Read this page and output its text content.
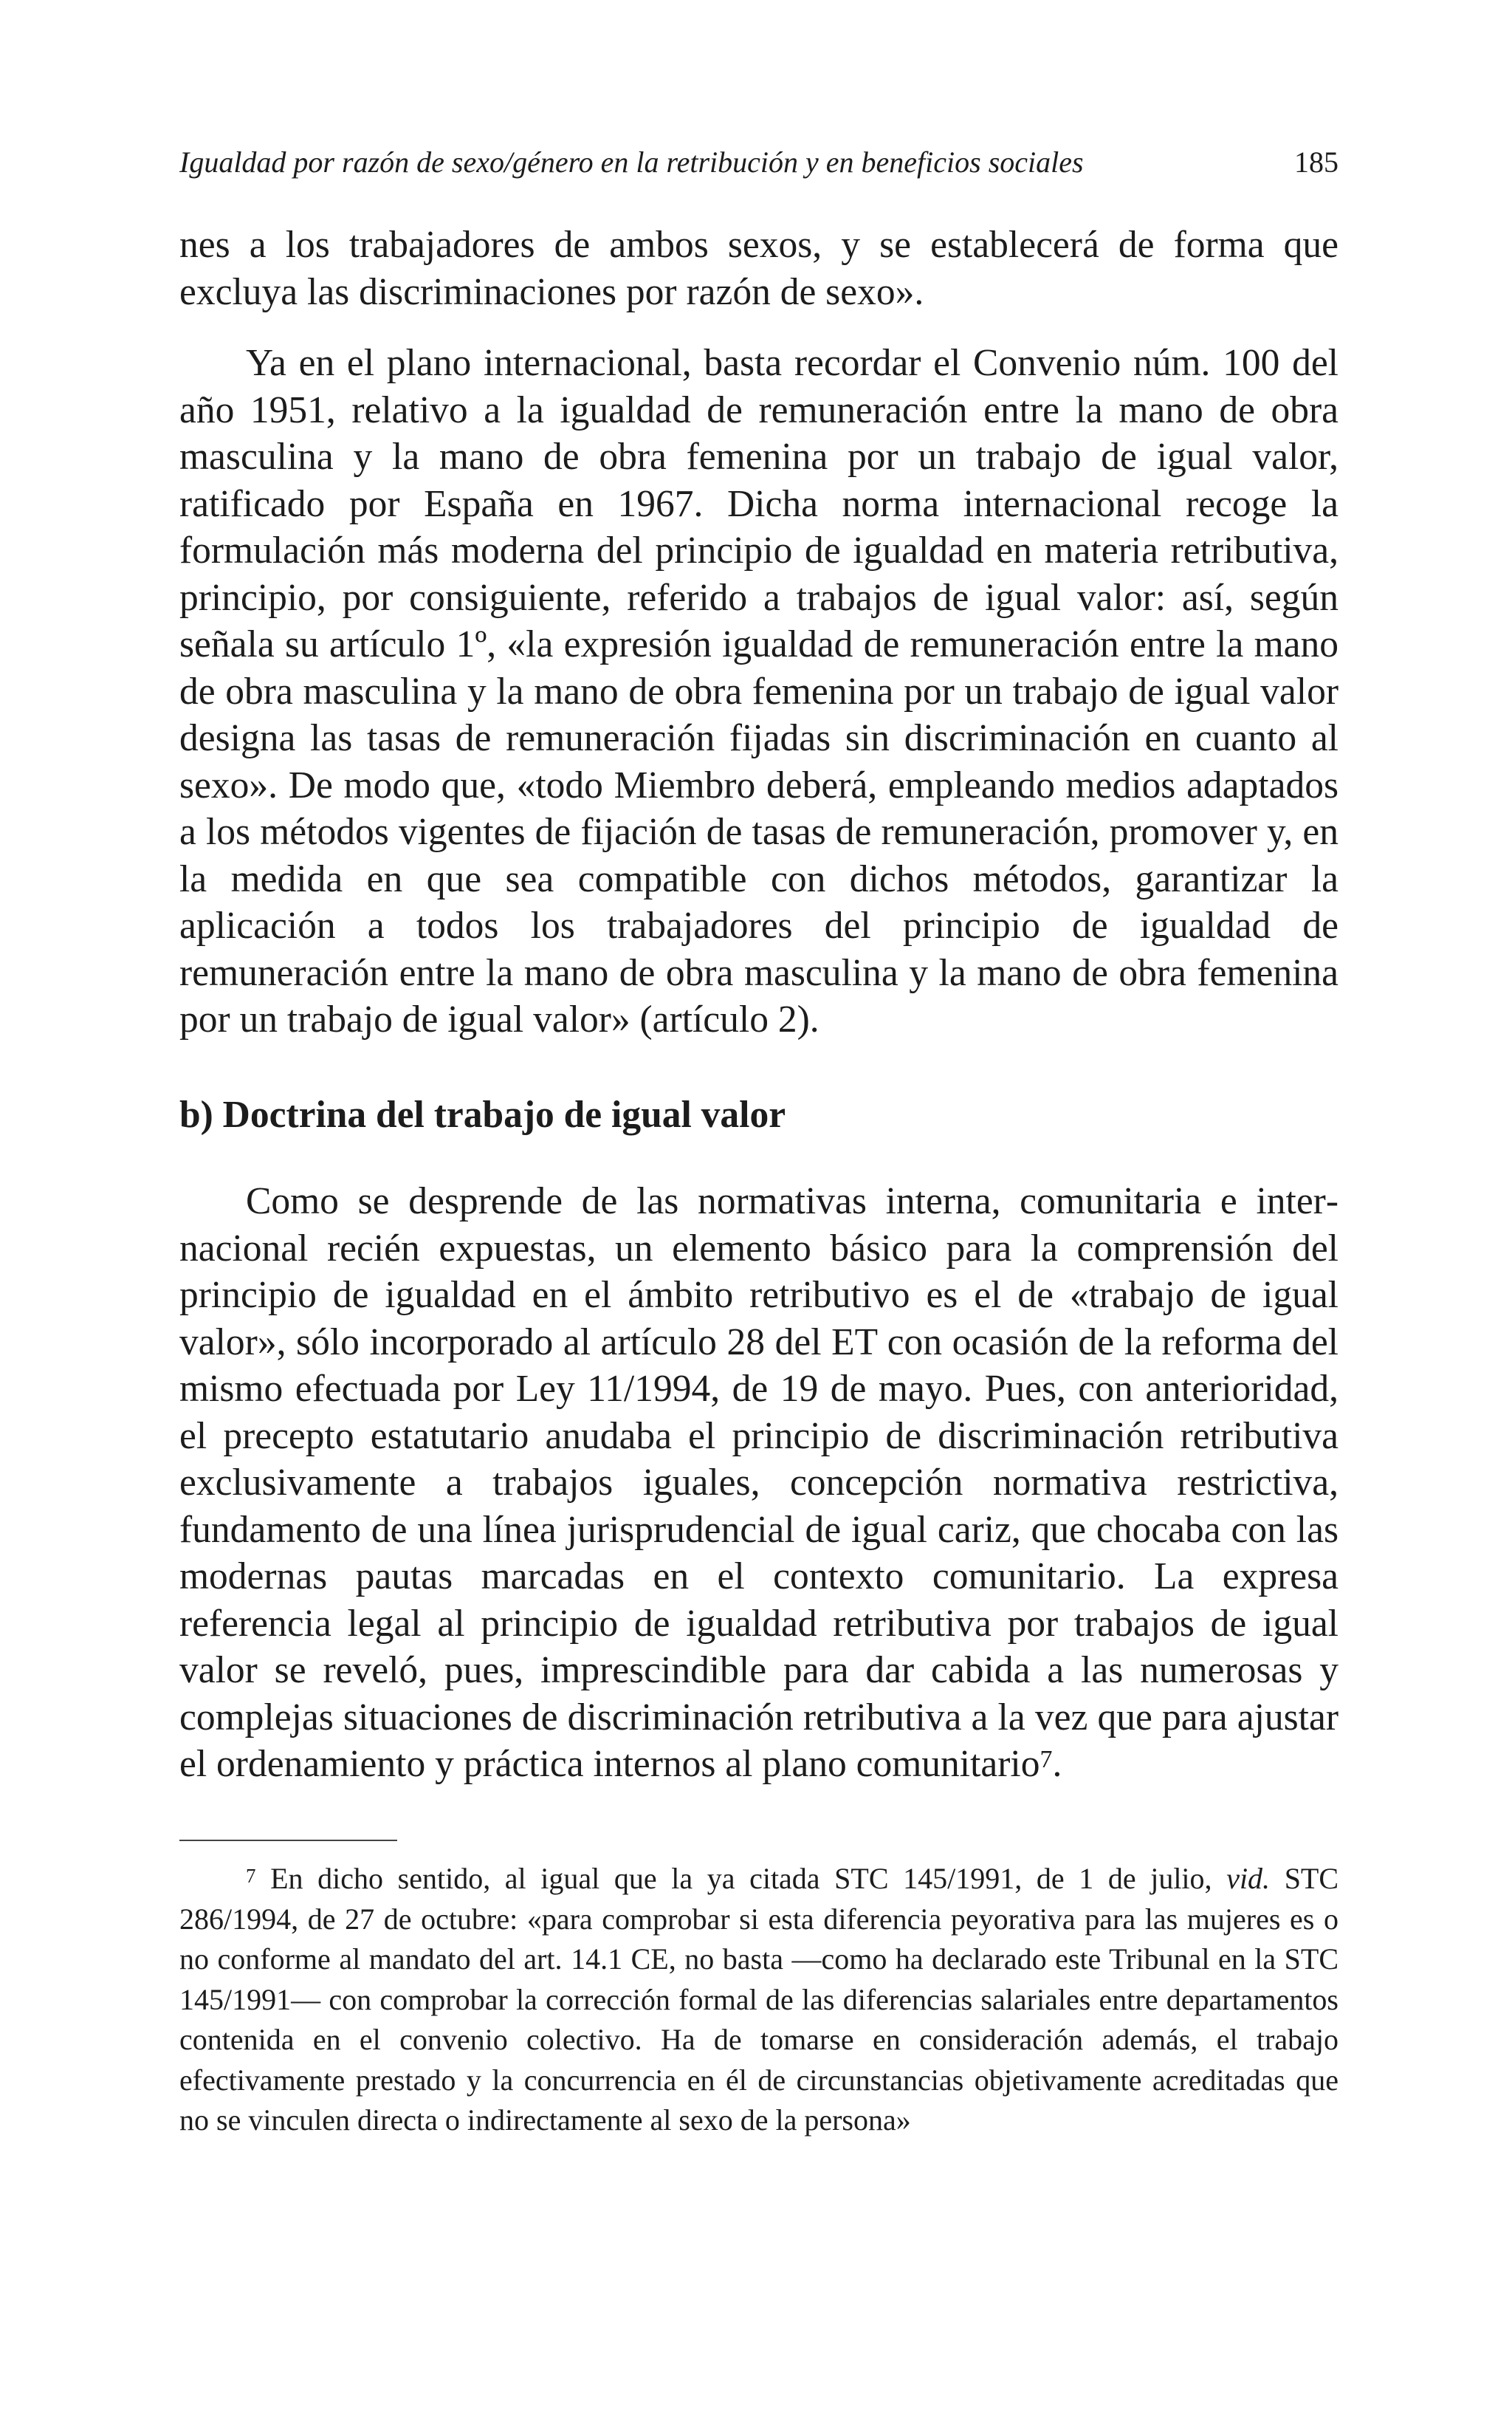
Igualdad por razón de sexo/género en la retribución y en beneficios sociales	185
nes a los trabajadores de ambos sexos, y se establecerá de forma que excluya las discriminaciones por razón de sexo».
Ya en el plano internacional, basta recordar el Convenio núm. 100 del año 1951, relativo a la igualdad de remuneración entre la mano de obra masculina y la mano de obra femenina por un trabajo de igual valor, ratificado por España en 1967. Dicha norma internacional recoge la formulación más moderna del principio de igualdad en materia retributiva, principio, por consiguiente, referido a trabajos de igual valor: así, según señala su artículo 1º, «la expresión igualdad de remuneración entre la mano de obra masculina y la mano de obra femenina por un trabajo de igual valor designa las tasas de remuneración fijadas sin discriminación en cuanto al sexo». De modo que, «todo Miembro deberá, empleando medios adaptados a los métodos vigentes de fijación de tasas de remuneración, promover y, en la medida en que sea compatible con dichos métodos, garantizar la aplicación a todos los trabajadores del principio de igualdad de remuneración entre la mano de obra masculina y la mano de obra femenina por un trabajo de igual valor» (artículo 2).
b) Doctrina del trabajo de igual valor
Como se desprende de las normativas interna, comunitaria e internacional recién expuestas, un elemento básico para la comprensión del principio de igualdad en el ámbito retributivo es el de «trabajo de igual valor», sólo incorporado al artículo 28 del ET con ocasión de la reforma del mismo efectuada por Ley 11/1994, de 19 de mayo. Pues, con anterioridad, el precepto estatutario anudaba el principio de discriminación retributiva exclusivamente a trabajos iguales, concepción normativa restrictiva, fundamento de una línea jurisprudencial de igual cariz, que chocaba con las modernas pautas marcadas en el contexto comunitario. La expresa referencia legal al principio de igualdad retributiva por trabajos de igual valor se reveló, pues, imprescindible para dar cabida a las numerosas y complejas situaciones de discriminación retributiva a la vez que para ajustar el ordenamiento y práctica internos al plano comunitario$^7$.
$^7$ En dicho sentido, al igual que la ya citada STC 145/1991, de 1 de julio, vid. STC 286/1994, de 27 de octubre: «para comprobar si esta diferencia peyorativa para las mujeres es o no conforme al mandato del art. 14.1 CE, no basta —como ha declarado este Tribunal en la STC 145/1991— con comprobar la corrección formal de las diferencias salariales entre departamentos contenida en el convenio colectivo. Ha de tomarse en consideración además, el trabajo efectivamente prestado y la concurrencia en él de circunstancias objetivamente acreditadas que no se vinculen directa o indirectamente al sexo de la persona»
